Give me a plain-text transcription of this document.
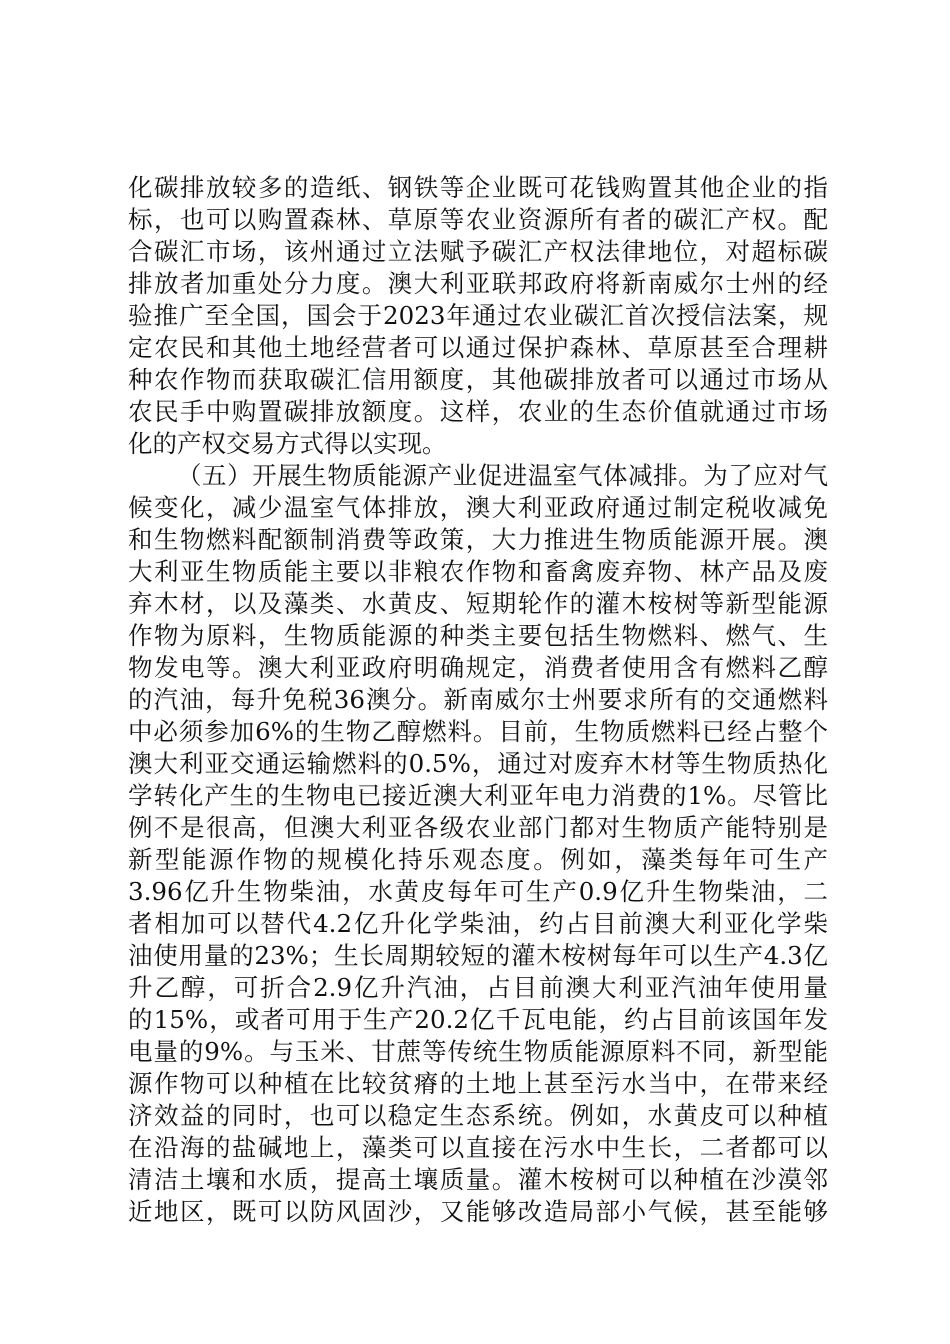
化碳排放较多的造纸、钢铁等企业既可花钱购置其他企业的指
标，也可以购置森林、草原等农业资源所有者的碳汇产权。配
合碳汇市场，该州通过立法赋予碳汇产权法律地位，对超标碳
排放者加重处分力度。澳大利亚联邦政府将新南威尔士州的经
验推广至全国，国会于2023年通过农业碳汇首次授信法案，规
定农民和其他土地经营者可以通过保护森林、草原甚至合理耕
种农作物而获取碳汇信用额度，其他碳排放者可以通过市场从
农民手中购置碳排放额度。这样，农业的生态价值就通过市场
化的产权交易方式得以实现。
（五）开展生物质能源产业促进温室气体减排。为了应对气
候变化，减少温室气体排放，澳大利亚政府通过制定税收减免
和生物燃料配额制消费等政策，大力推进生物质能源开展。澳
大利亚生物质能主要以非粮农作物和畜禽废弃物、林产品及废
弃木材，以及藻类、水黄皮、短期轮作的灌木桉树等新型能源
作物为原料，生物质能源的种类主要包括生物燃料、燃气、生
物发电等。澳大利亚政府明确规定，消费者使用含有燃料乙醇
的汽油，每升免税36澳分。新南威尔士州要求所有的交通燃料
中必须参加6%的生物乙醇燃料。目前，生物质燃料已经占整个
澳大利亚交通运输燃料的0.5%，通过对废弃木材等生物质热化
学转化产生的生物电已接近澳大利亚年电力消费的1%。尽管比
例不是很高，但澳大利亚各级农业部门都对生物质产能特别是
新型能源作物的规模化持乐观态度。例如，藻类每年可生产
3.96亿升生物柴油，水黄皮每年可生产0.9亿升生物柴油，二
者相加可以替代4.2亿升化学柴油，约占目前澳大利亚化学柴
油使用量的23%；生长周期较短的灌木桉树每年可以生产4.3亿
升乙醇，可折合2.9亿升汽油，占目前澳大利亚汽油年使用量
的15%，或者可用于生产20.2亿千瓦电能，约占目前该国年发
电量的9%。与玉米、甘蔗等传统生物质能源原料不同，新型能
源作物可以种植在比较贫瘠的土地上甚至污水当中，在带来经
济效益的同时，也可以稳定生态系统。例如，水黄皮可以种植
在沿海的盐碱地上，藻类可以直接在污水中生长，二者都可以
清洁土壤和水质，提高土壤质量。灌木桉树可以种植在沙漠邻
近地区，既可以防风固沙，又能够改造局部小气候，甚至能够
